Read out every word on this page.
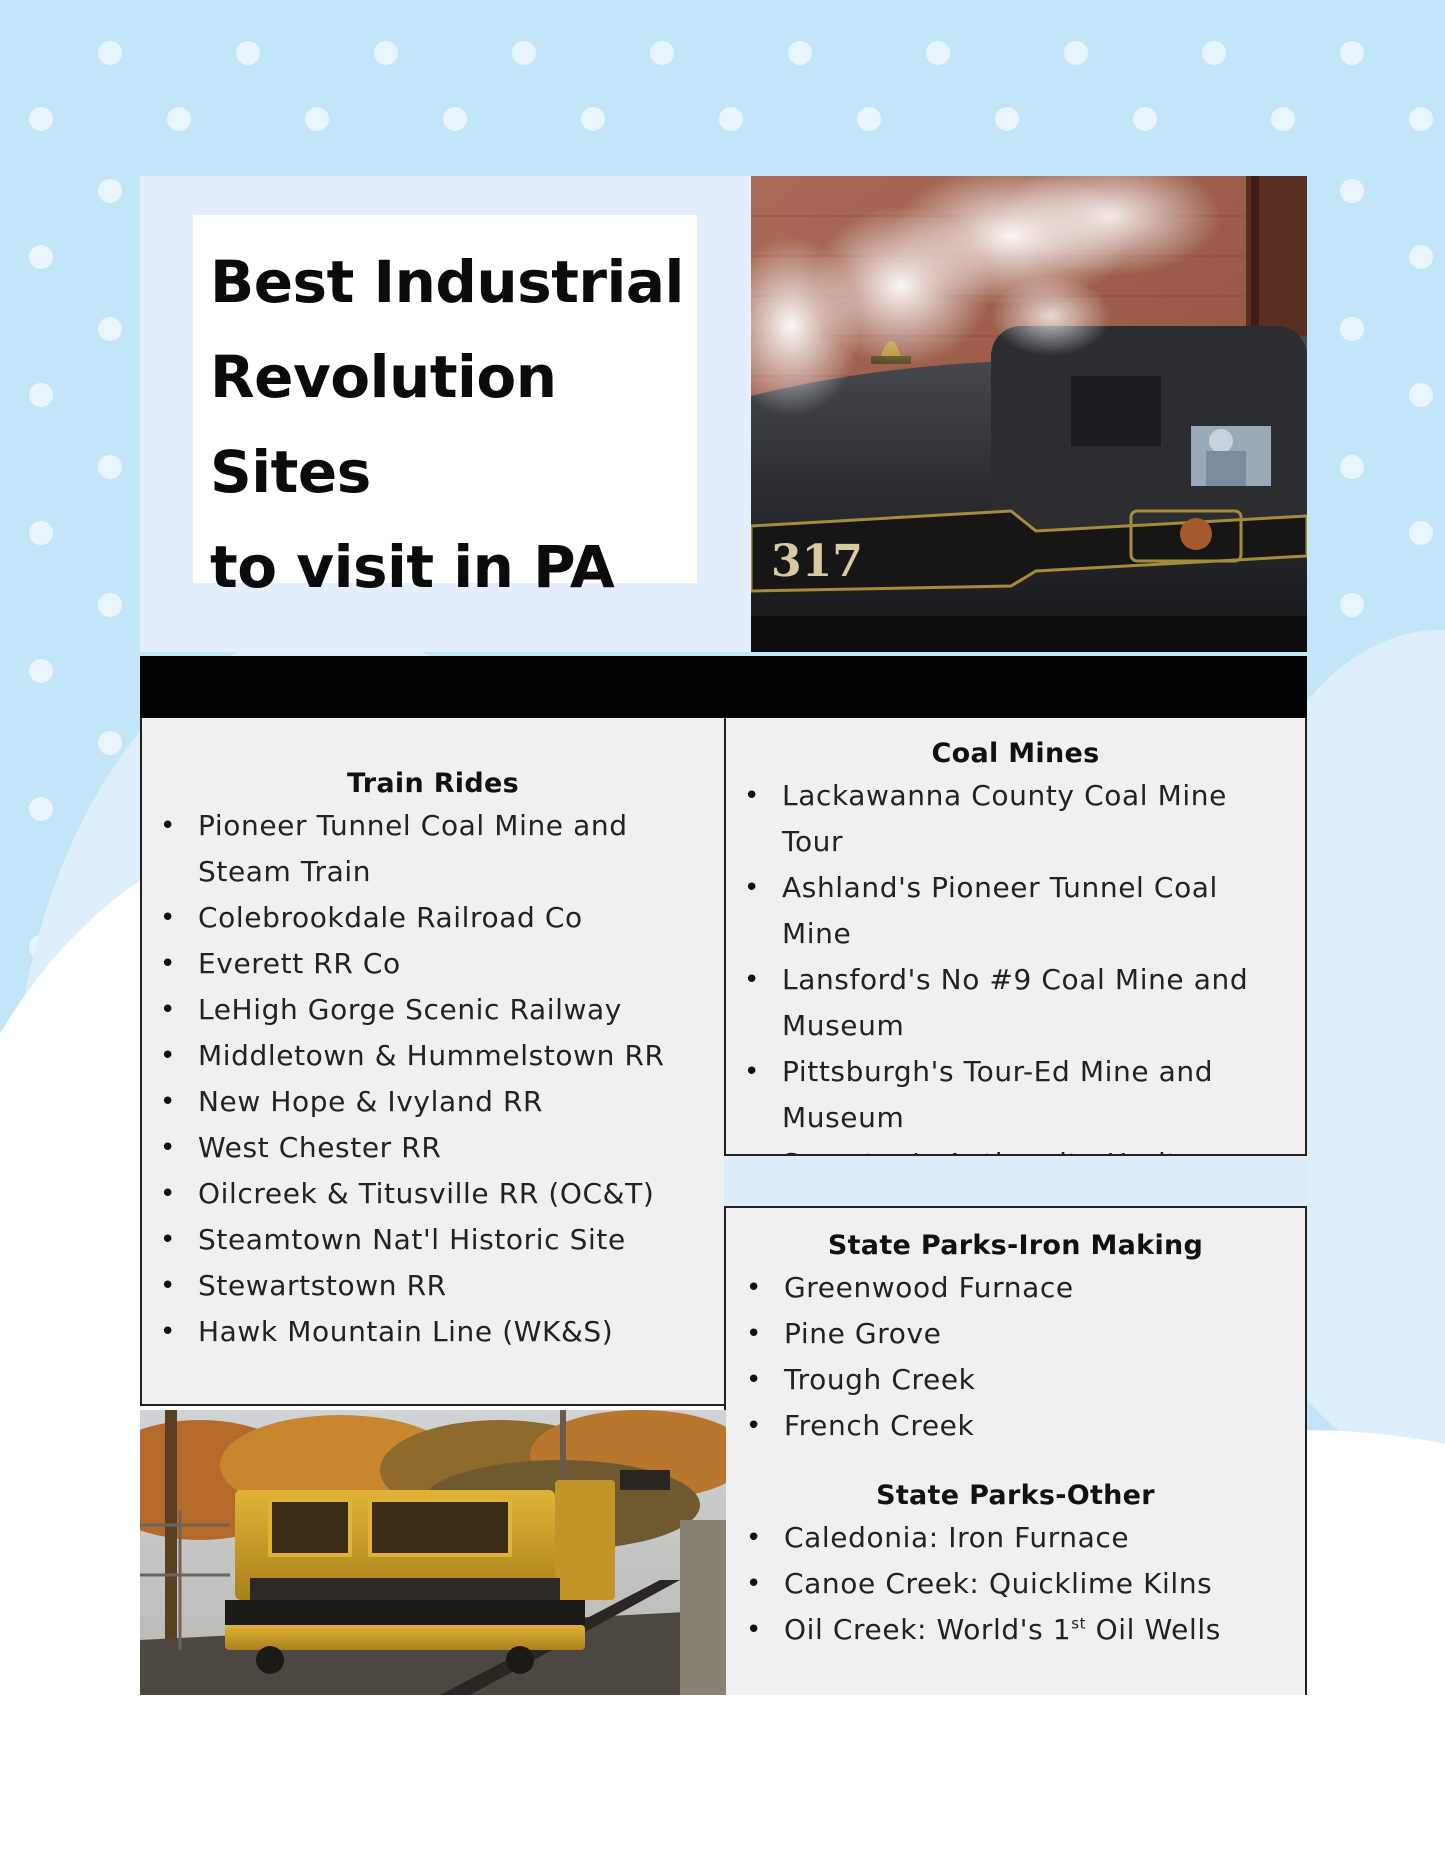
Best Industrial
Revolution Sites
to visit in PA	317
Train Rides
• Pioneer Tunnel Coal Mine and Steam Train
• Colebrookdale Railroad Co
• Everett RR Co
• LeHigh Gorge Scenic Railway
• Middletown & Hummelstown RR
• New Hope & Ivyland RR
• West Chester RR
• Oilcreek & Titusville RR (OC&T)
• Steamtown Nat'l Historic Site
• Stewartstown RR
• Hawk Mountain Line (WK&S)
Coal Mines
• Lackawanna County Coal Mine Tour
• Ashland's Pioneer Tunnel Coal Mine
• Lansford's No #9 Coal Mine and Museum
• Pittsburgh's Tour-Ed Mine and Museum
•
State Parks-Iron Making
• Greenwood Furnace
• Pine Grove
• Trough Creek
• French Creek
State Parks-Other
• Caledonia: Iron Furnace
• Canoe Creek: Quicklime Kilns
• Oil Creek: World's 1st Oil Wells
